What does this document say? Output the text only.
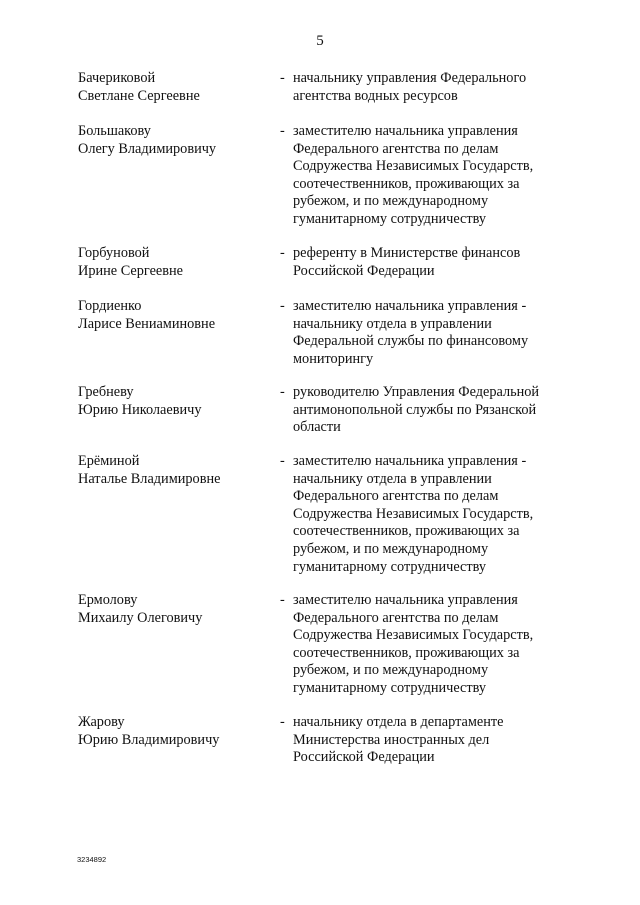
5
Бачериковой
Светлане Сергеевне
- начальнику управления Федерального
агентства водных ресурсов
Большакову
Олегу Владимировичу
- заместителю начальника управления
Федерального агентства по делам
Содружества Независимых Государств,
соотечественников, проживающих за
рубежом, и по международному
гуманитарному сотрудничеству
Горбуновой
Ирине Сергеевне
- референту в Министерстве финансов
Российской Федерации
Гордиенко
Ларисе Вениаминовне
- заместителю начальника управления -
начальнику отдела в управлении
Федеральной службы по финансовому
мониторингу
Гребневу
Юрию Николаевичу
- руководителю Управления Федеральной
антимонопольной службы по Рязанской
области
Ерёминой
Наталье Владимировне
- заместителю начальника управления -
начальнику отдела в управлении
Федерального агентства по делам
Содружества Независимых Государств,
соотечественников, проживающих за
рубежом, и по международному
гуманитарному сотрудничеству
Ермолову
Михаилу Олеговичу
- заместителю начальника управления
Федерального агентства по делам
Содружества Независимых Государств,
соотечественников, проживающих за
рубежом, и по международному
гуманитарному сотрудничеству
Жарову
Юрию Владимировичу
- начальнику отдела в департаменте
Министерства иностранных дел
Российской Федерации
3234892
